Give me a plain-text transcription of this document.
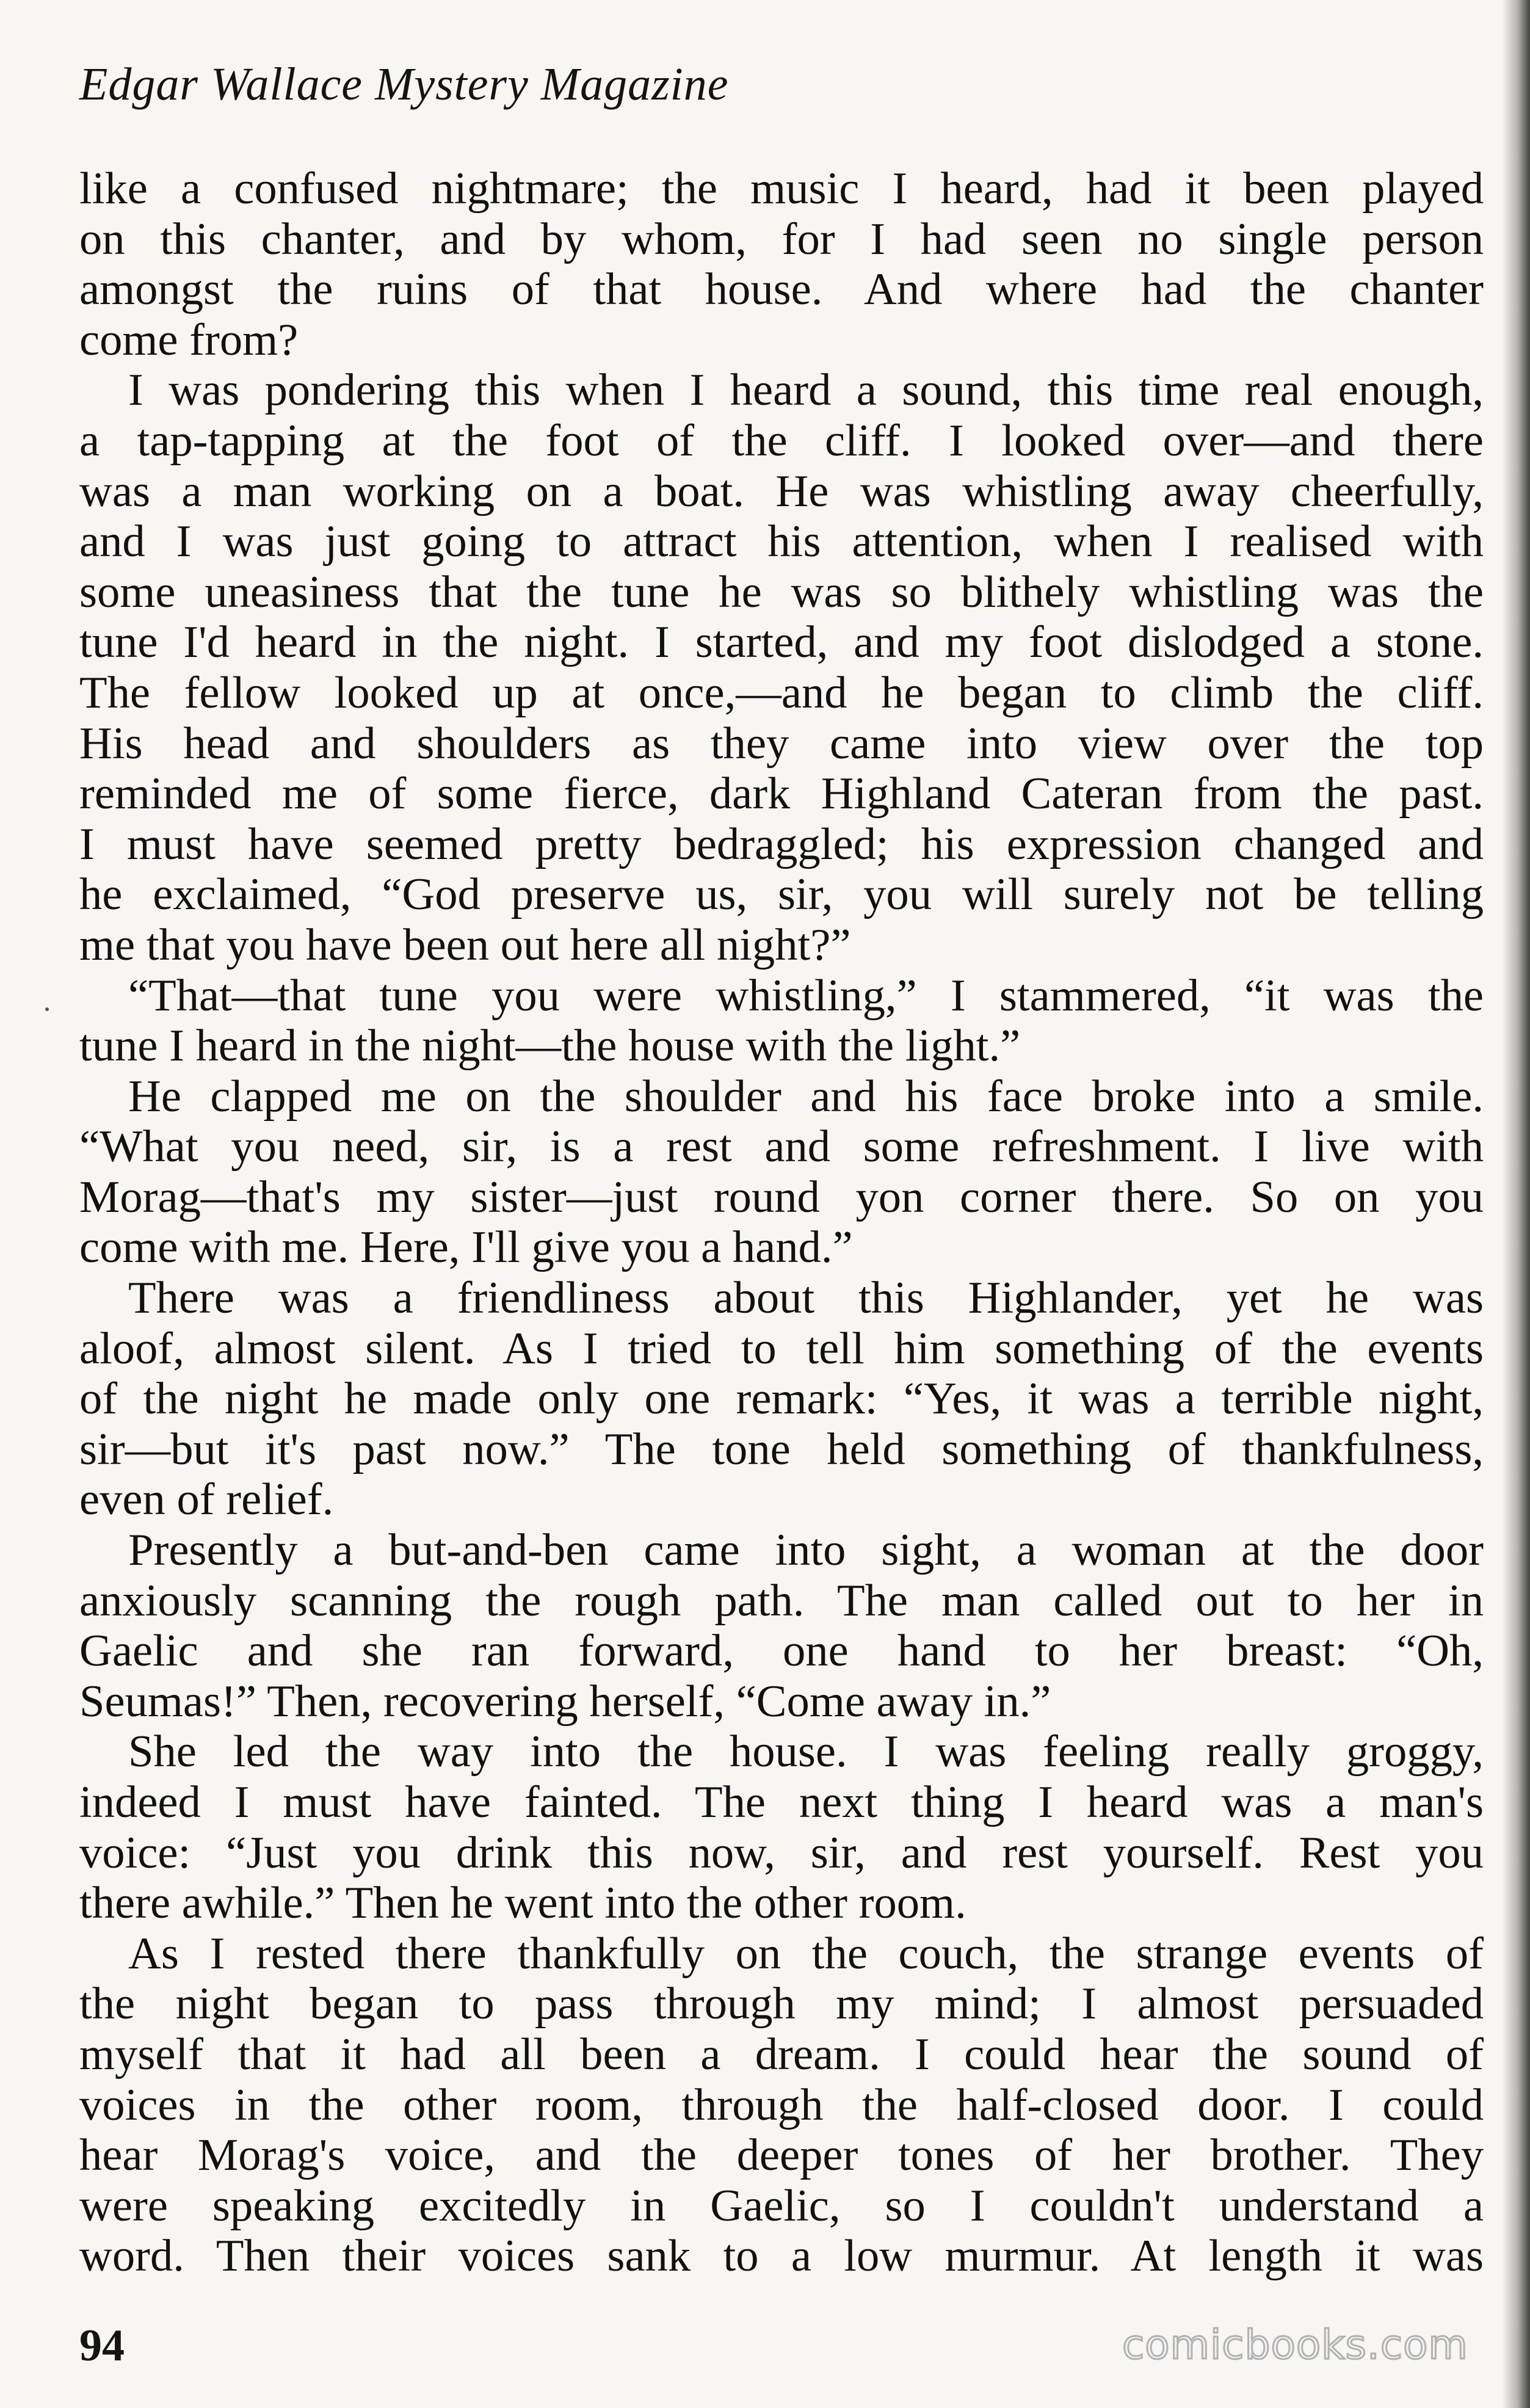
Edgar Wallace Mystery Magazine
like a confused nightmare; the music I heard, had it been played
on this chanter, and by whom, for I had seen no single person
amongst the ruins of that house. And where had the chanter
come from?
I was pondering this when I heard a sound, this time real enough,
a tap-tapping at the foot of the cliff. I looked over—and there
was a man working on a boat. He was whistling away cheerfully,
and I was just going to attract his attention, when I realised with
some uneasiness that the tune he was so blithely whistling was the
tune I'd heard in the night. I started, and my foot dislodged a stone.
The fellow looked up at once,—and he began to climb the cliff.
His head and shoulders as they came into view over the top
reminded me of some fierce, dark Highland Cateran from the past.
I must have seemed pretty bedraggled; his expression changed and
he exclaimed, “God preserve us, sir, you will surely not be telling
me that you have been out here all night?”
“That—that tune you were whistling,” I stammered, “it was the
tune I heard in the night—the house with the light.”
He clapped me on the shoulder and his face broke into a smile.
“What you need, sir, is a rest and some refreshment. I live with
Morag—that's my sister—just round yon corner there. So on you
come with me. Here, I'll give you a hand.”
There was a friendliness about this Highlander, yet he was
aloof, almost silent. As I tried to tell him something of the events
of the night he made only one remark: “Yes, it was a terrible night,
sir—but it's past now.” The tone held something of thankfulness,
even of relief.
Presently a but-and-ben came into sight, a woman at the door
anxiously scanning the rough path. The man called out to her in
Gaelic and she ran forward, one hand to her breast: “Oh,
Seumas!” Then, recovering herself, “Come away in.”
She led the way into the house. I was feeling really groggy,
indeed I must have fainted. The next thing I heard was a man's
voice: “Just you drink this now, sir, and rest yourself. Rest you
there awhile.” Then he went into the other room.
As I rested there thankfully on the couch, the strange events of
the night began to pass through my mind; I almost persuaded
myself that it had all been a dream. I could hear the sound of
voices in the other room, through the half-closed door. I could
hear Morag's voice, and the deeper tones of her brother. They
were speaking excitedly in Gaelic, so I couldn't understand a
word. Then their voices sank to a low murmur. At length it was
94	comicbooks.com
